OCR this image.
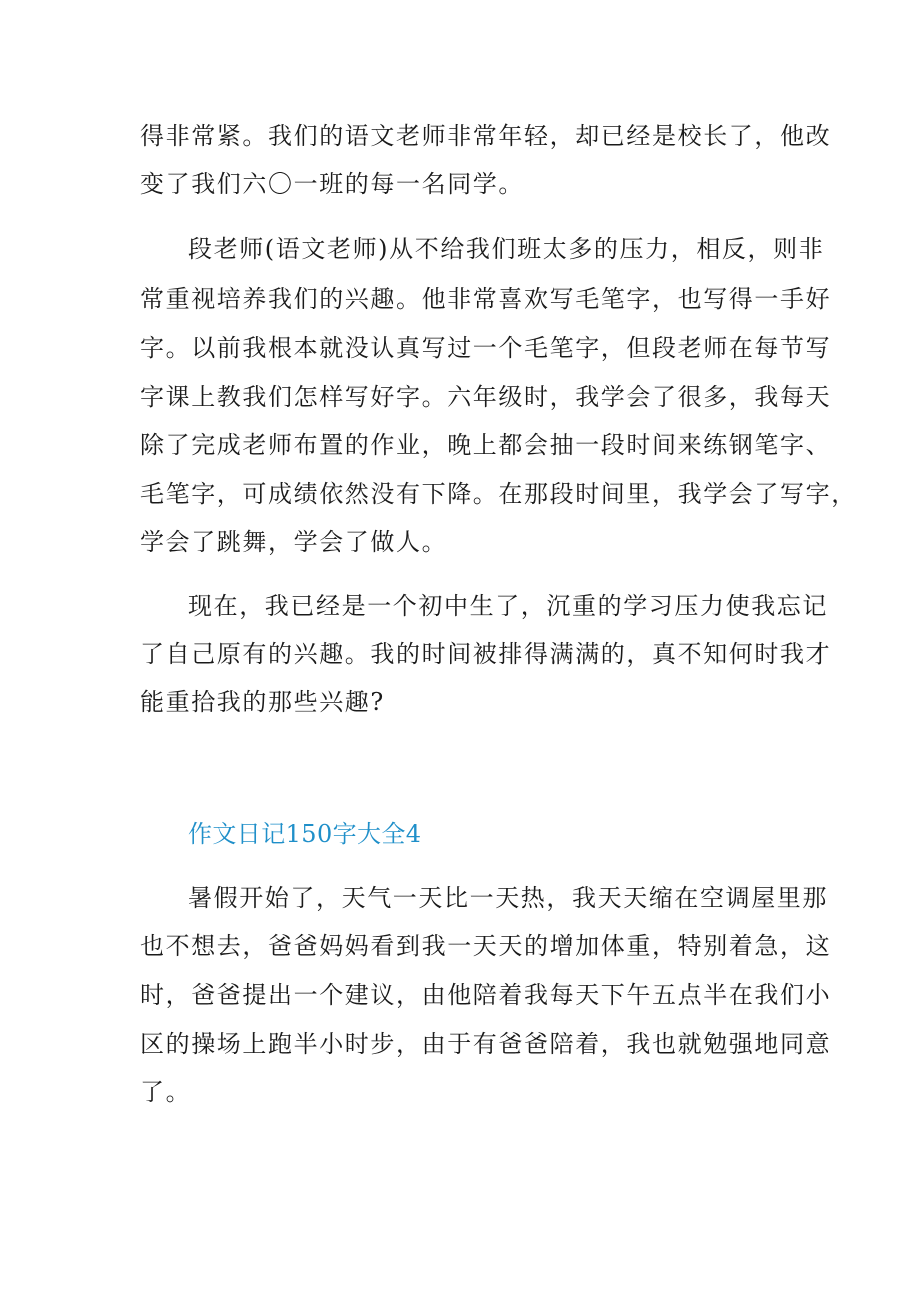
得非常紧。我们的语文老师非常年轻，却已经是校长了，他改
变了我们六〇一班的每一名同学。
段老师(语文老师)从不给我们班太多的压力，相反，则非
常重视培养我们的兴趣。他非常喜欢写毛笔字，也写得一手好
字。以前我根本就没认真写过一个毛笔字，但段老师在每节写
字课上教我们怎样写好字。六年级时，我学会了很多，我每天
除了完成老师布置的作业，晚上都会抽一段时间来练钢笔字、
毛笔字，可成绩依然没有下降。在那段时间里，我学会了写字，
学会了跳舞，学会了做人。
现在，我已经是一个初中生了，沉重的学习压力使我忘记
了自己原有的兴趣。我的时间被排得满满的，真不知何时我才
能重拾我的那些兴趣?
作文日记150字大全4
暑假开始了，天气一天比一天热，我天天缩在空调屋里那
也不想去，爸爸妈妈看到我一天天的增加体重，特别着急，这
时，爸爸提出一个建议，由他陪着我每天下午五点半在我们小
区的操场上跑半小时步，由于有爸爸陪着，我也就勉强地同意
了。
